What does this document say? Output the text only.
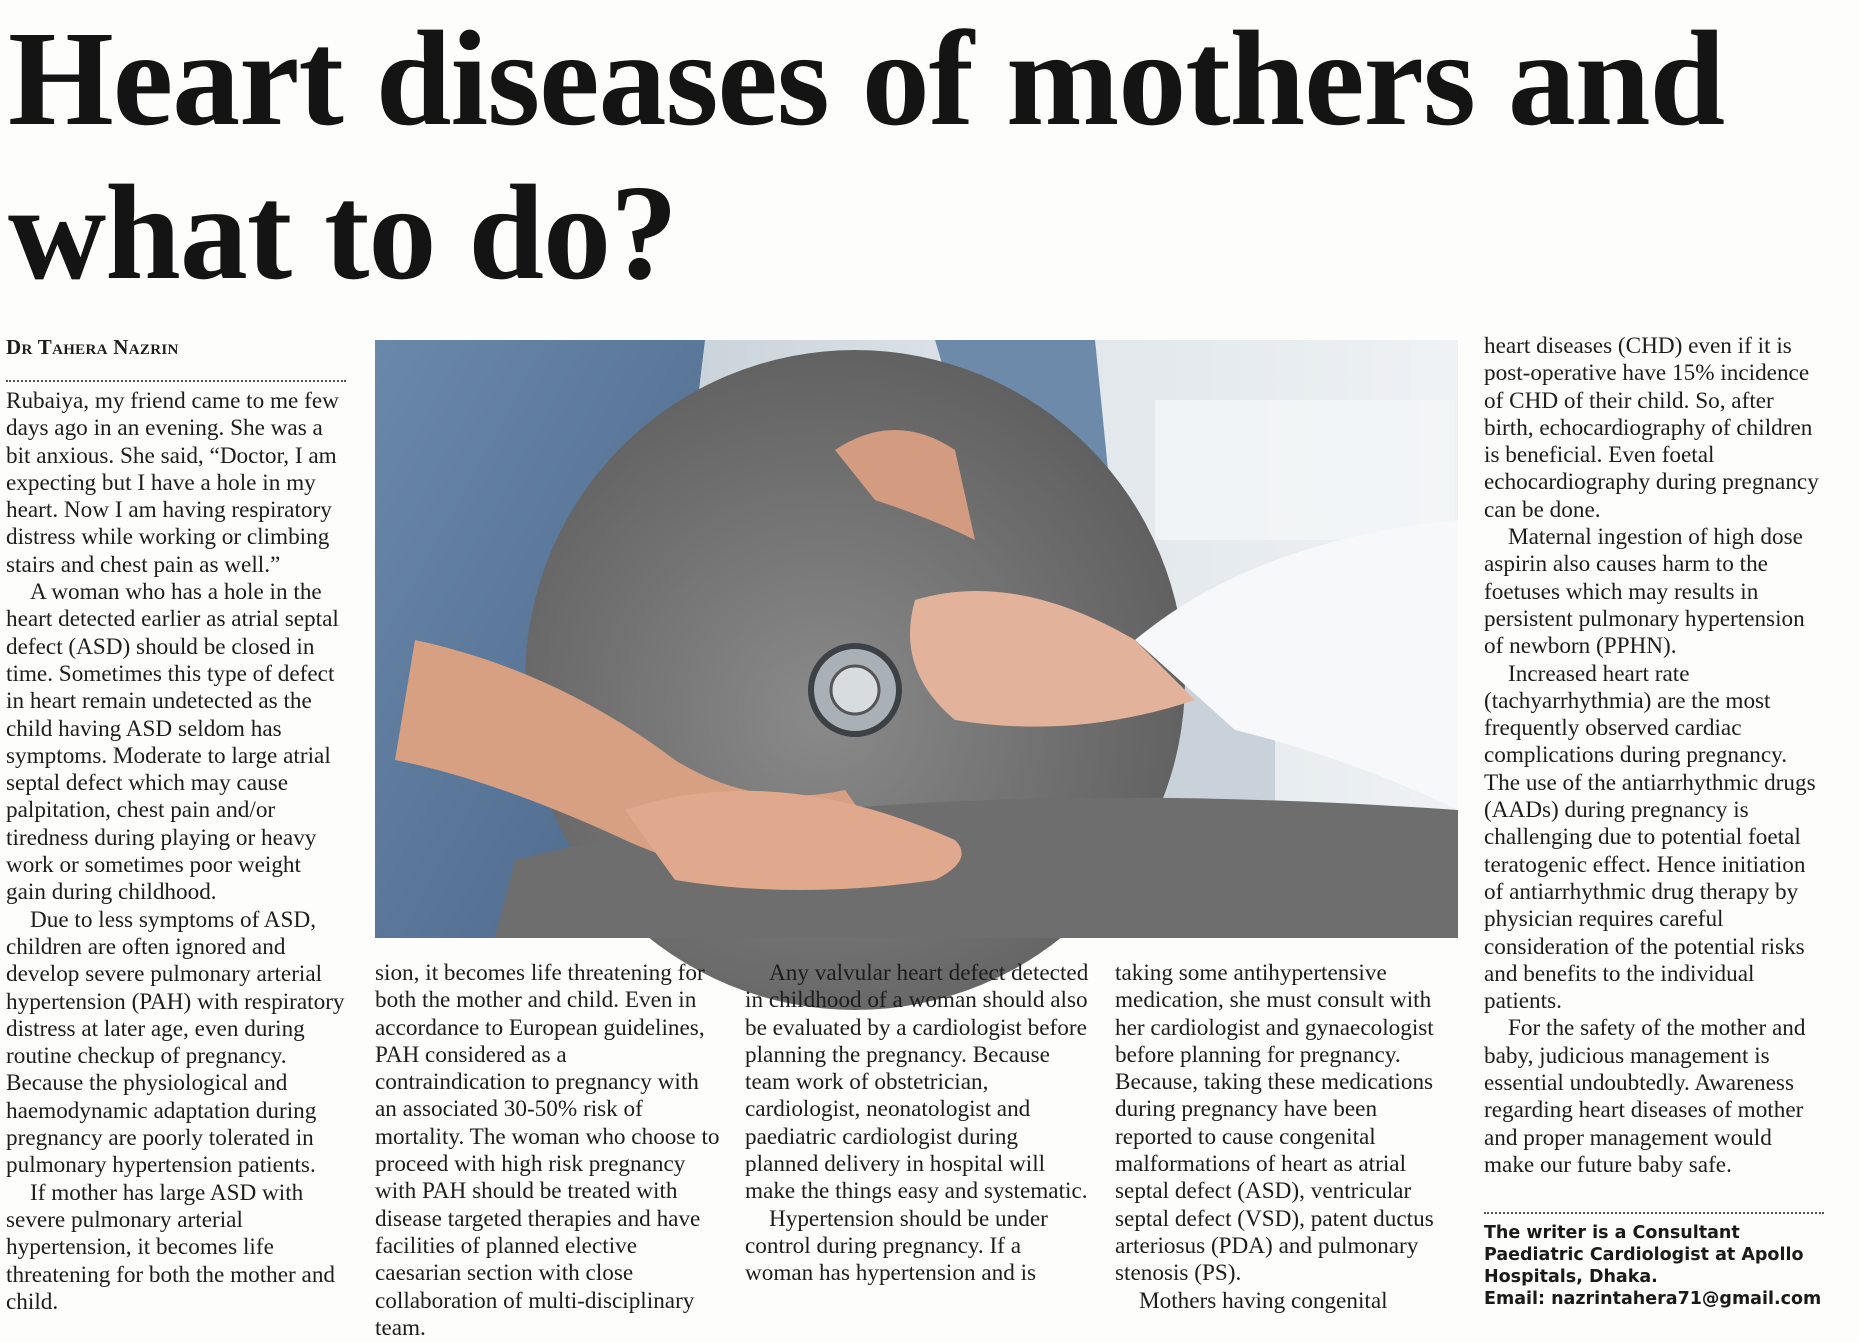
Heart diseases of mothers and what to do?
Dr Tahera Nazrin

Rubaiya, my friend came to me few days ago in an evening. She was a bit anxious. She said, “Doctor, I am expecting but I have a hole in my heart. Now I am having respiratory distress while working or climbing stairs and chest pain as well.”

A woman who has a hole in the heart detected earlier as atrial septal defect (ASD) should be closed in time. Sometimes this type of defect in heart remain undetected as the child having ASD seldom has symptoms. Moderate to large atrial septal defect which may cause palpitation, chest pain and/or tiredness during playing or heavy work or sometimes poor weight gain during childhood.

Due to less symptoms of ASD, children are often ignored and develop severe pulmonary arterial hypertension (PAH) with respiratory distress at later age, even during routine checkup of pregnancy. Because the physiological and haemodynamic adaptation during pregnancy are poorly tolerated in pulmonary hypertension patients.

If mother has large ASD with severe pulmonary arterial hypertension, it becomes life threatening for both the mother and child.

sion, it becomes life threatening for both the mother and child. Even in accordance to European guidelines, PAH considered as a contraindication to pregnancy with an associated 30-50% risk of mortality. The woman who choose to proceed with high risk pregnancy with PAH should be treated with disease targeted therapies and have facilities of planned elective caesarian section with close collaboration of multi-disciplinary team.

Any valvular heart defect detected in childhood of a woman should also be evaluated by a cardiologist before planning the pregnancy. Because team work of obstetrician, cardiologist, neonatologist and paediatric cardiologist during planned delivery in hospital will make the things easy and systematic.

Hypertension should be under control during pregnancy. If a woman has hypertension and is

taking some antihypertensive medication, she must consult with her cardiologist and gynaecologist before planning for pregnancy. Because, taking these medications during pregnancy have been reported to cause congenital malformations of heart as atrial septal defect (ASD), ventricular septal defect (VSD), patent ductus arteriosus (PDA) and pulmonary stenosis (PS).

Mothers having congenital

heart diseases (CHD) even if it is post-operative have 15% incidence of CHD of their child. So, after birth, echocardiography of children is beneficial. Even foetal echocardiography during pregnancy can be done.

Maternal ingestion of high dose aspirin also causes harm to the foetuses which may results in persistent pulmonary hypertension of newborn (PPHN).

Increased heart rate (tachyarrhythmia) are the most frequently observed cardiac complications during pregnancy. The use of the antiarrhythmic drugs (AADs) during pregnancy is challenging due to potential foetal teratogenic effect. Hence initiation of antiarrhythmic drug therapy by physician requires careful consideration of the potential risks and benefits to the individual patients.

For the safety of the mother and baby, judicious management is essential undoubtedly. Awareness regarding heart diseases of mother and proper management would make our future baby safe.

The writer is a Consultant
Paediatric Cardiologist at Apollo
Hospitals, Dhaka.
Email: nazrintahera71@gmail.com
